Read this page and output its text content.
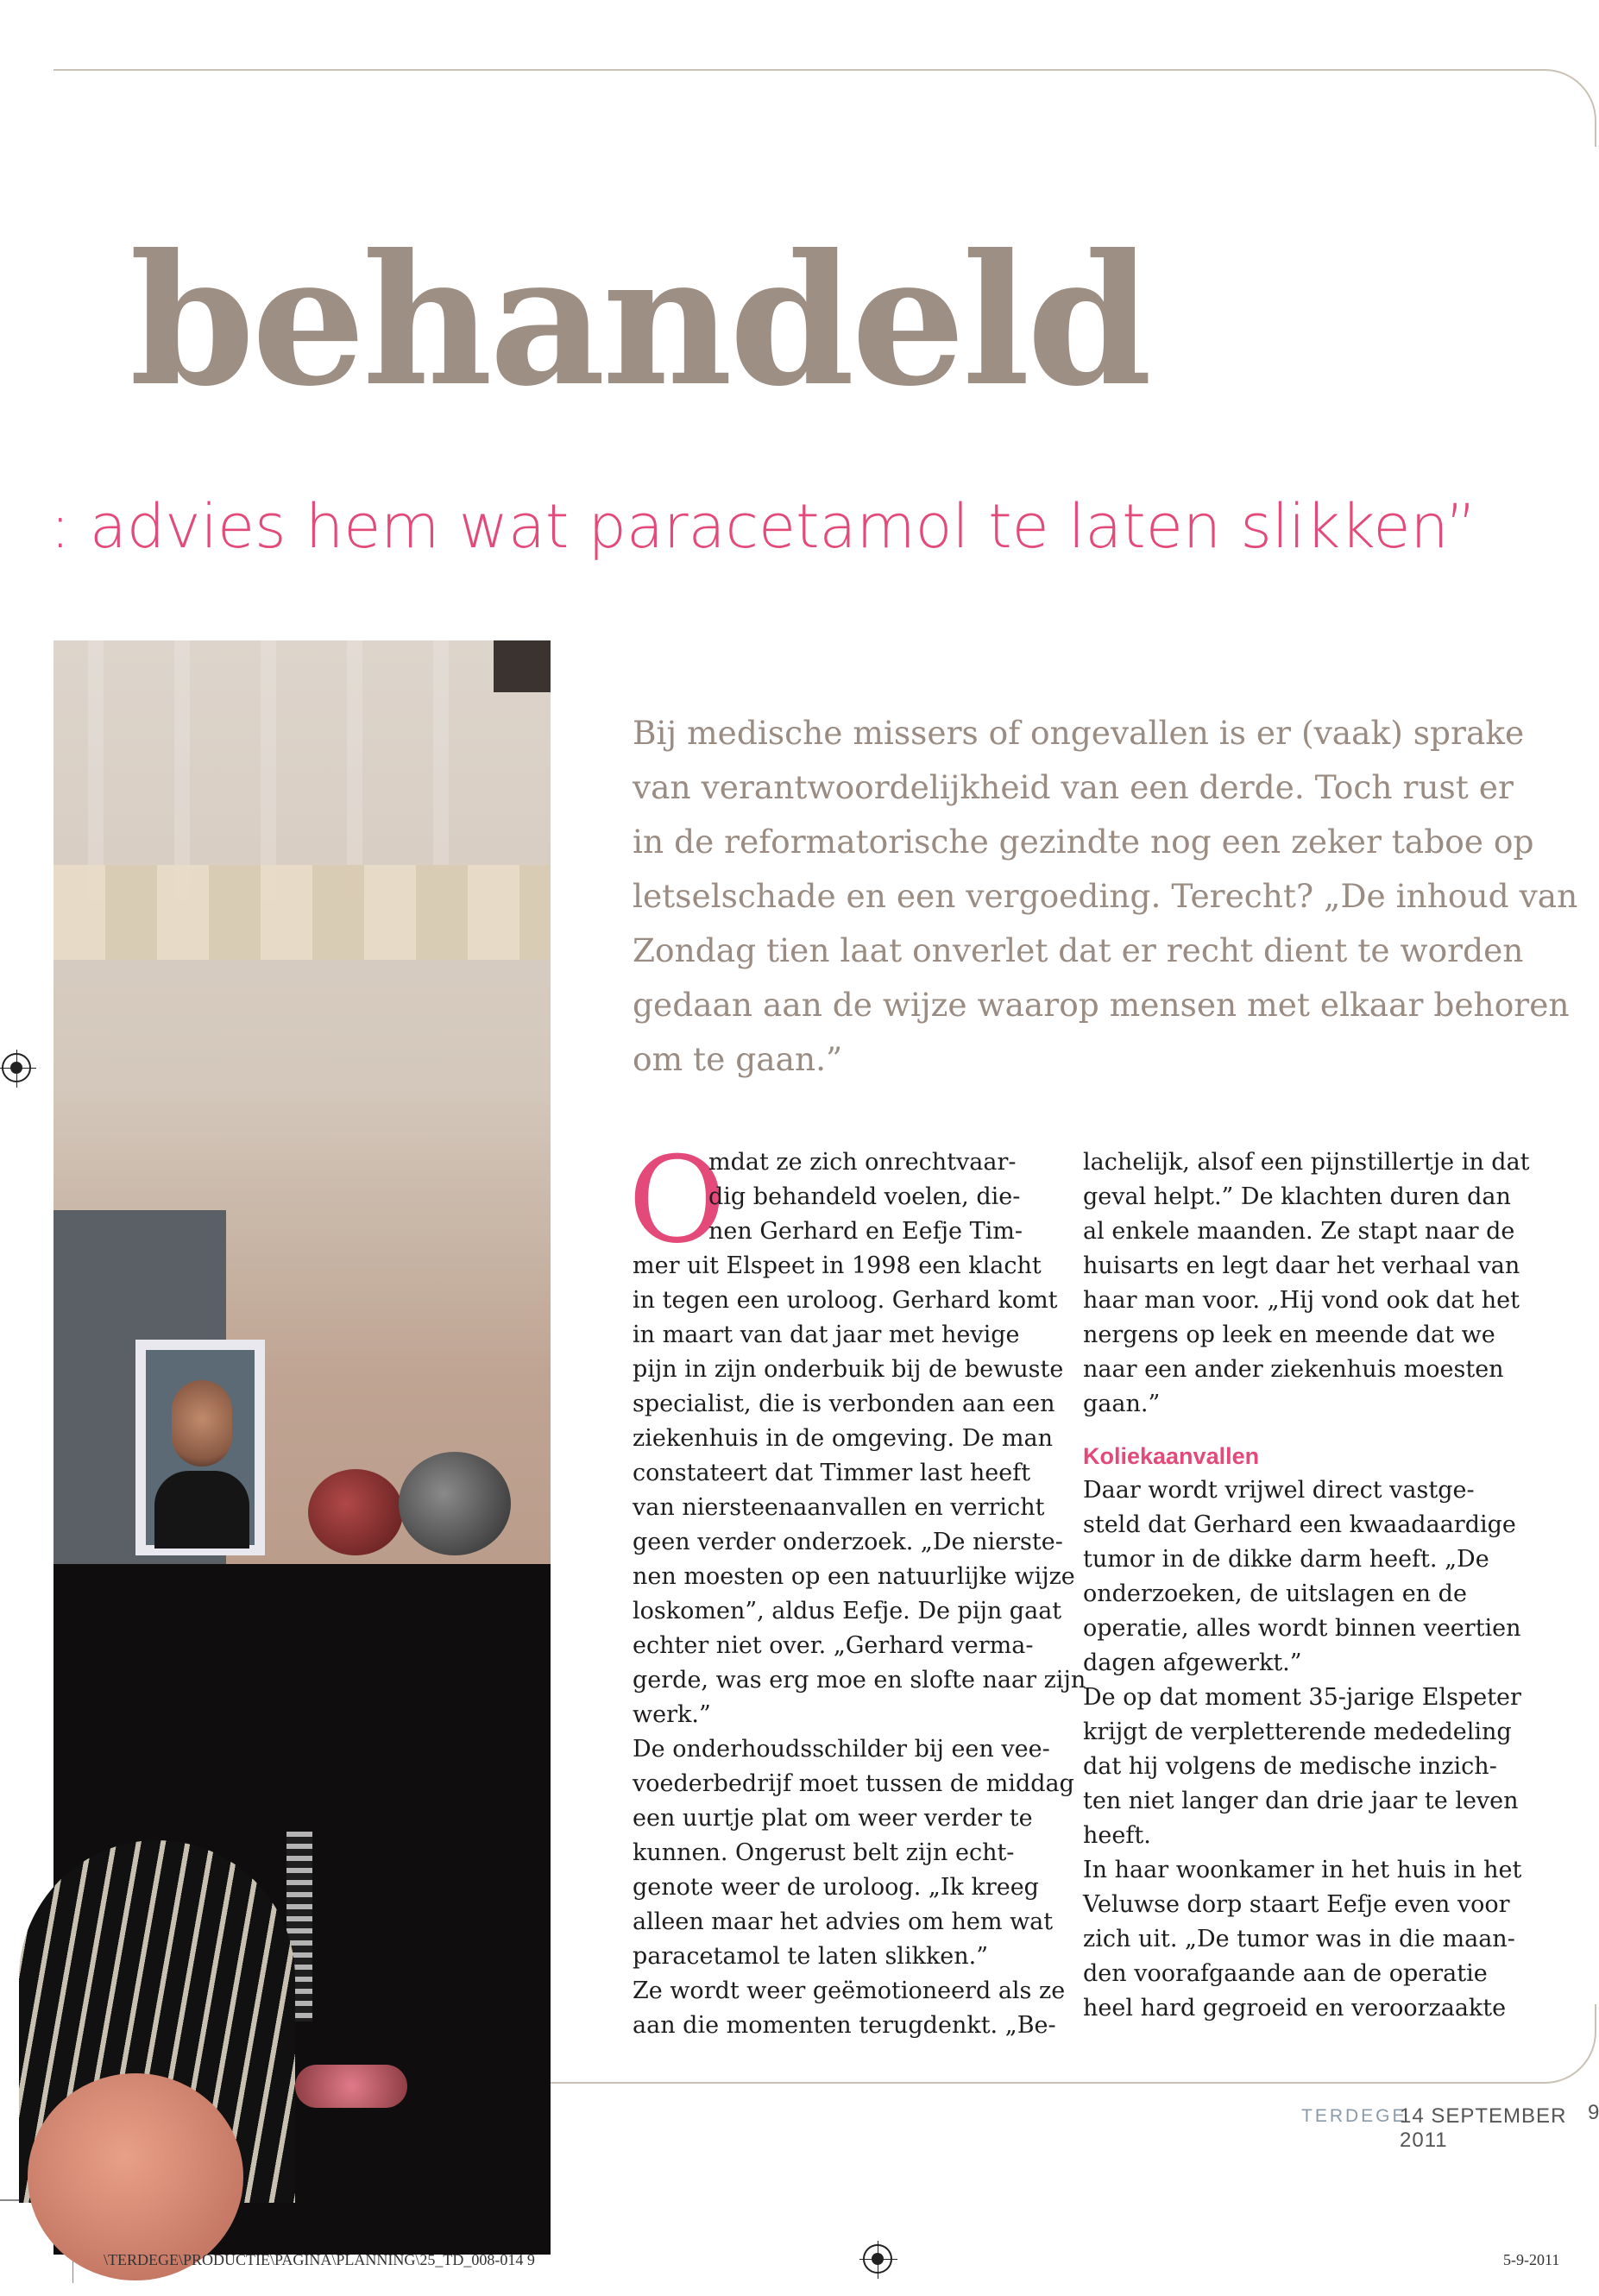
behandeld
: advies hem wat paracetamol te laten slikken”
Bij medische missers of ongevallen is er (vaak) sprake
van verantwoordelijkheid van een derde. Toch rust er
in de reformatorische gezindte nog een zeker taboe op
letselschade en een vergoeding. Terecht? „De inhoud van
Zondag tien laat onverlet dat er recht dient te worden
gedaan aan de wijze waarop mensen met elkaar behoren
om te gaan.”
O
mdat ze zich onrechtvaar-
dig behandeld voelen, die-
nen Gerhard en Eefje Tim-
mer uit Elspeet in 1998 een klacht
in tegen een uroloog. Gerhard komt
in maart van dat jaar met hevige
pijn in zijn onderbuik bij de bewuste
specialist, die is verbonden aan een
ziekenhuis in de omgeving. De man
constateert dat Timmer last heeft
van niersteenaanvallen en verricht
geen verder onderzoek. „De nierste-
nen moesten op een natuurlijke wijze
loskomen”, aldus Eefje. De pijn gaat
echter niet over. „Gerhard verma-
gerde, was erg moe en slofte naar zijn
werk.”
De onderhoudsschilder bij een vee-
voederbedrijf moet tussen de middag
een uurtje plat om weer verder te
kunnen. Ongerust belt zijn echt-
genote weer de uroloog. „Ik kreeg
alleen maar het advies om hem wat
paracetamol te laten slikken.”
Ze wordt weer geëmotioneerd als ze
aan die momenten terugdenkt. „Be-
lachelijk, alsof een pijnstillertje in dat
geval helpt.” De klachten duren dan
al enkele maanden. Ze stapt naar de
huisarts en legt daar het verhaal van
haar man voor. „Hij vond ook dat het
nergens op leek en meende dat we
naar een ander ziekenhuis moesten
gaan.”
Koliekaanvallen
Daar wordt vrijwel direct vastge-
steld dat Gerhard een kwaadaardige
tumor in de dikke darm heeft. „De
onderzoeken, de uitslagen en de
operatie, alles wordt binnen veertien
dagen afgewerkt.”
De op dat moment 35-jarige Elspeter
krijgt de verpletterende mededeling
dat hij volgens de medische inzich-
ten niet langer dan drie jaar te leven
heeft.
In haar woonkamer in het huis in het
Veluwse dorp staart Eefje even voor
zich uit. „De tumor was in die maan-
den voorafgaande aan de operatie
heel hard gegroeid en veroorzaakte
TERDEGE
14 SEPTEMBER 2011
9
\TERDEGE\PRODUCTIE\PAGINA\PLANNING\25_TD_008-014 9	5-9-2011
